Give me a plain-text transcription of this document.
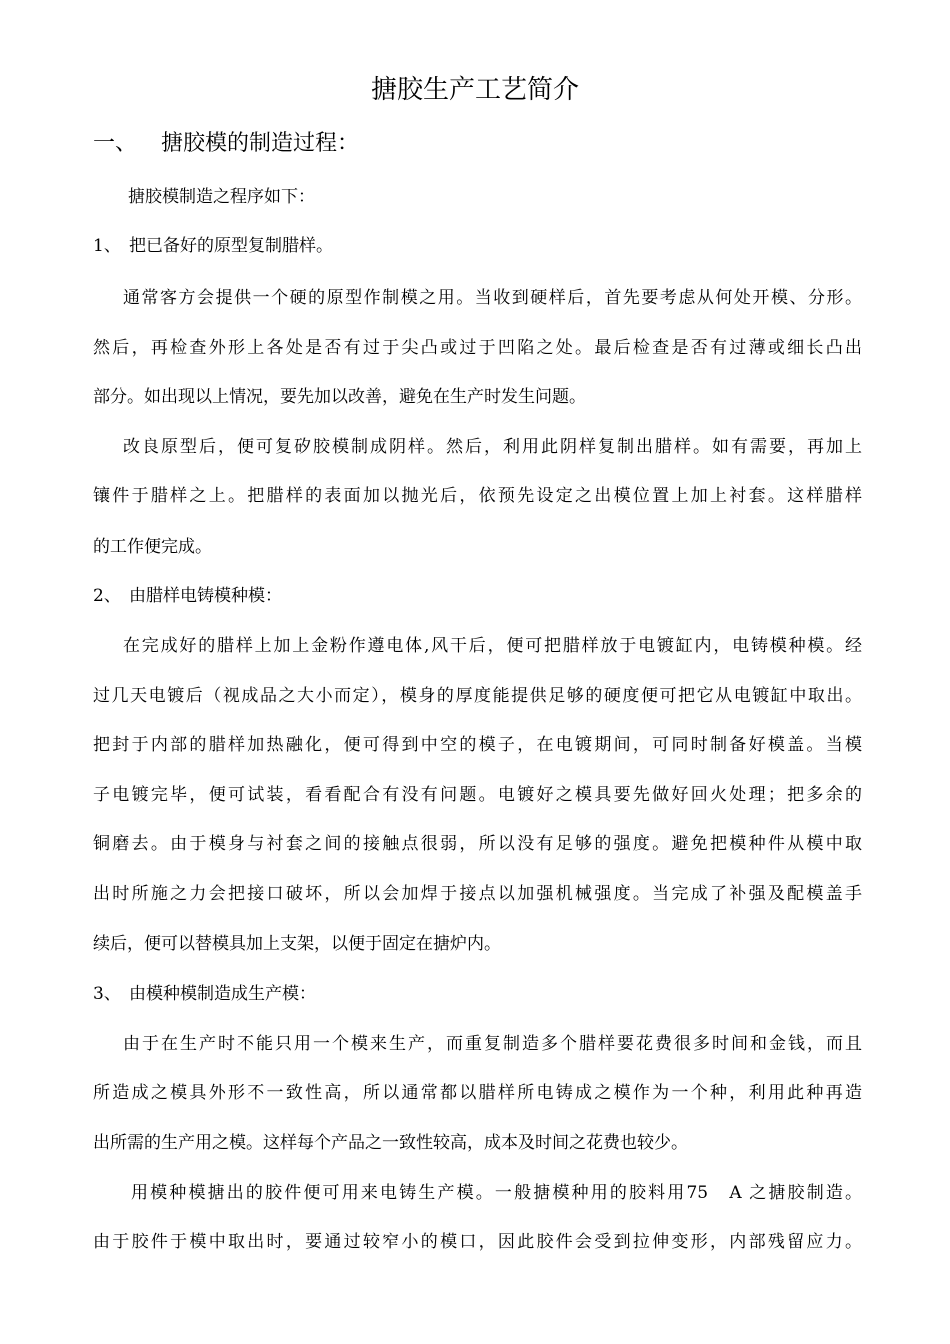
搪胶生产工艺简介
一、 搪胶模的制造过程：
搪胶模制造之程序如下：
1、 把已备好的原型复制腊样。
通常客方会提供一个硬的原型作制模之用。当收到硬样后，首先要考虑从何处开模、分形。
然后，再检查外形上各处是否有过于尖凸或过于凹陷之处。最后检查是否有过薄或细长凸出
部分。如出现以上情况，要先加以改善，避免在生产时发生问题。
改良原型后，便可复矽胶模制成阴样。然后，利用此阴样复制出腊样。如有需要，再加上
镶件于腊样之上。把腊样的表面加以抛光后，依预先设定之出模位置上加上衬套。这样腊样
的工作便完成。
2、 由腊样电铸模种模：
在完成好的腊样上加上金粉作遵电体,风干后，便可把腊样放于电镀缸内，电铸模种模。经
过几天电镀后（视成品之大小而定），模身的厚度能提供足够的硬度便可把它从电镀缸中取出。
把封于内部的腊样加热融化，便可得到中空的模子，在电镀期间，可同时制备好模盖。当模
子电镀完毕，便可试装，看看配合有没有问题。电镀好之模具要先做好回火处理；把多余的
铜磨去。由于模身与衬套之间的接触点很弱，所以没有足够的强度。避免把模种件从模中取
出时所施之力会把接口破坏，所以会加焊于接点以加强机械强度。当完成了补强及配模盖手
续后，便可以替模具加上支架，以便于固定在搪炉内。
3、 由模种模制造成生产模：
由于在生产时不能只用一个模来生产，而重复制造多个腊样要花费很多时间和金钱，而且
所造成之模具外形不一致性高，所以通常都以腊样所电铸成之模作为一个种，利用此种再造
出所需的生产用之模。这样每个产品之一致性较高，成本及时间之花费也较少。
用模种模搪出的胶件便可用来电铸生产模。一般搪模种用的胶料用75　A 之搪胶制造。
由于胶件于模中取出时，要通过较窄小的模口，因此胶件会受到拉伸变形，内部残留应力。
